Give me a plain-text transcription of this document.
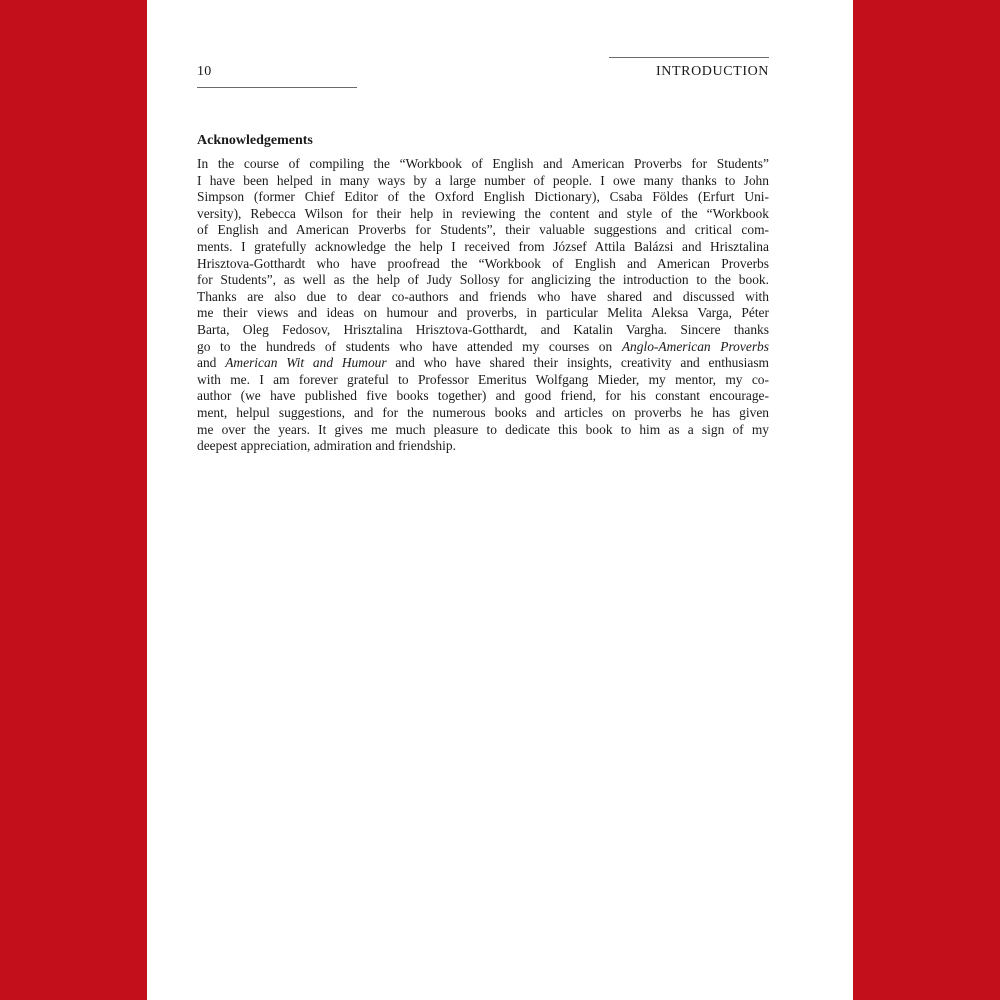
10	INTRODUCTION
Acknowledgements

In the course of compiling the “Workbook of English and American Proverbs for Students”
I have been helped in many ways by a large number of people. I owe many thanks to John
Simpson (former Chief Editor of the Oxford English Dictionary), Csaba Földes (Erfurt Uni-
versity), Rebecca Wilson for their help in reviewing the content and style of the “Workbook
of English and American Proverbs for Students”, their valuable suggestions and critical com-
ments. I gratefully acknowledge the help I received from József Attila Balázsi and Hrisztalina
Hrisztova-Gotthardt who have proofread the “Workbook of English and American Proverbs
for Students”, as well as the help of Judy Sollosy for anglicizing the introduction to the book.
Thanks are also due to dear co-authors and friends who have shared and discussed with
me their views and ideas on humour and proverbs, in particular Melita Aleksa Varga, Péter
Barta, Oleg Fedosov, Hrisztalina Hrisztova-Gotthardt, and Katalin Vargha. Sincere thanks
go to the hundreds of students who have attended my courses on Anglo-American Proverbs
and American Wit and Humour and who have shared their insights, creativity and enthusiasm
with me. I am forever grateful to Professor Emeritus Wolfgang Mieder, my mentor, my co-
author (we have published five books together) and good friend, for his constant encourage-
ment, helpul suggestions, and for the numerous books and articles on proverbs he has given
me over the years. It gives me much pleasure to dedicate this book to him as a sign of my
deepest appreciation, admiration and friendship.
